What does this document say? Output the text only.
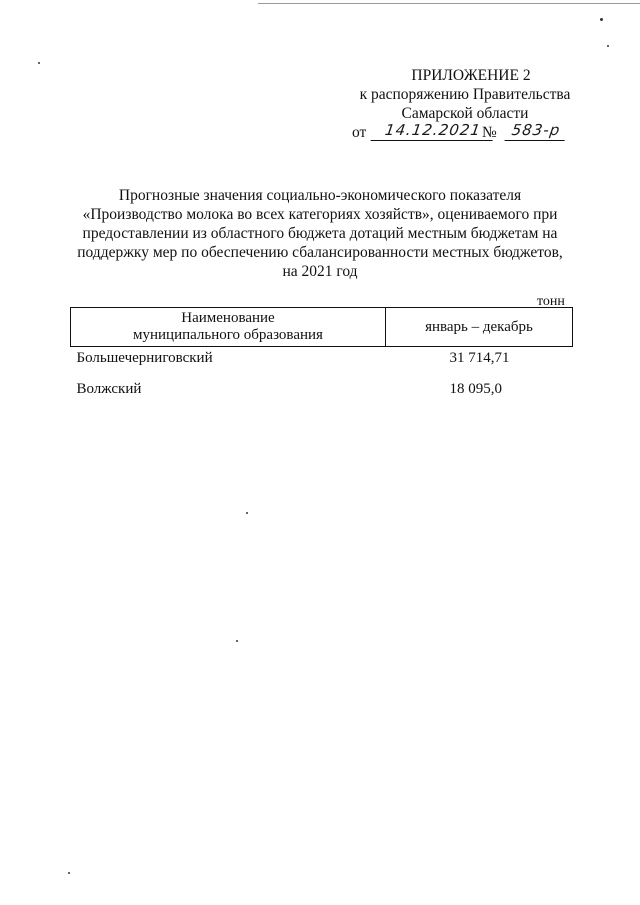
ПРИЛОЖЕНИЕ 2
к распоряжению Правительства
Самарской области
от	14.12.2021 № 583-р
Прогнозные значения социально-экономического показателя
«Производство молока во всех категориях хозяйств», оцениваемого при
предоставлении из областного бюджета дотаций местным бюджетам на
поддержку мер по обеспечению сбалансированности местных бюджетов,
на 2021 год
тонн
Наименование
муниципального образования	январь – декабрь
Большечерниговский	31 714,71
Волжский	18 095,0
